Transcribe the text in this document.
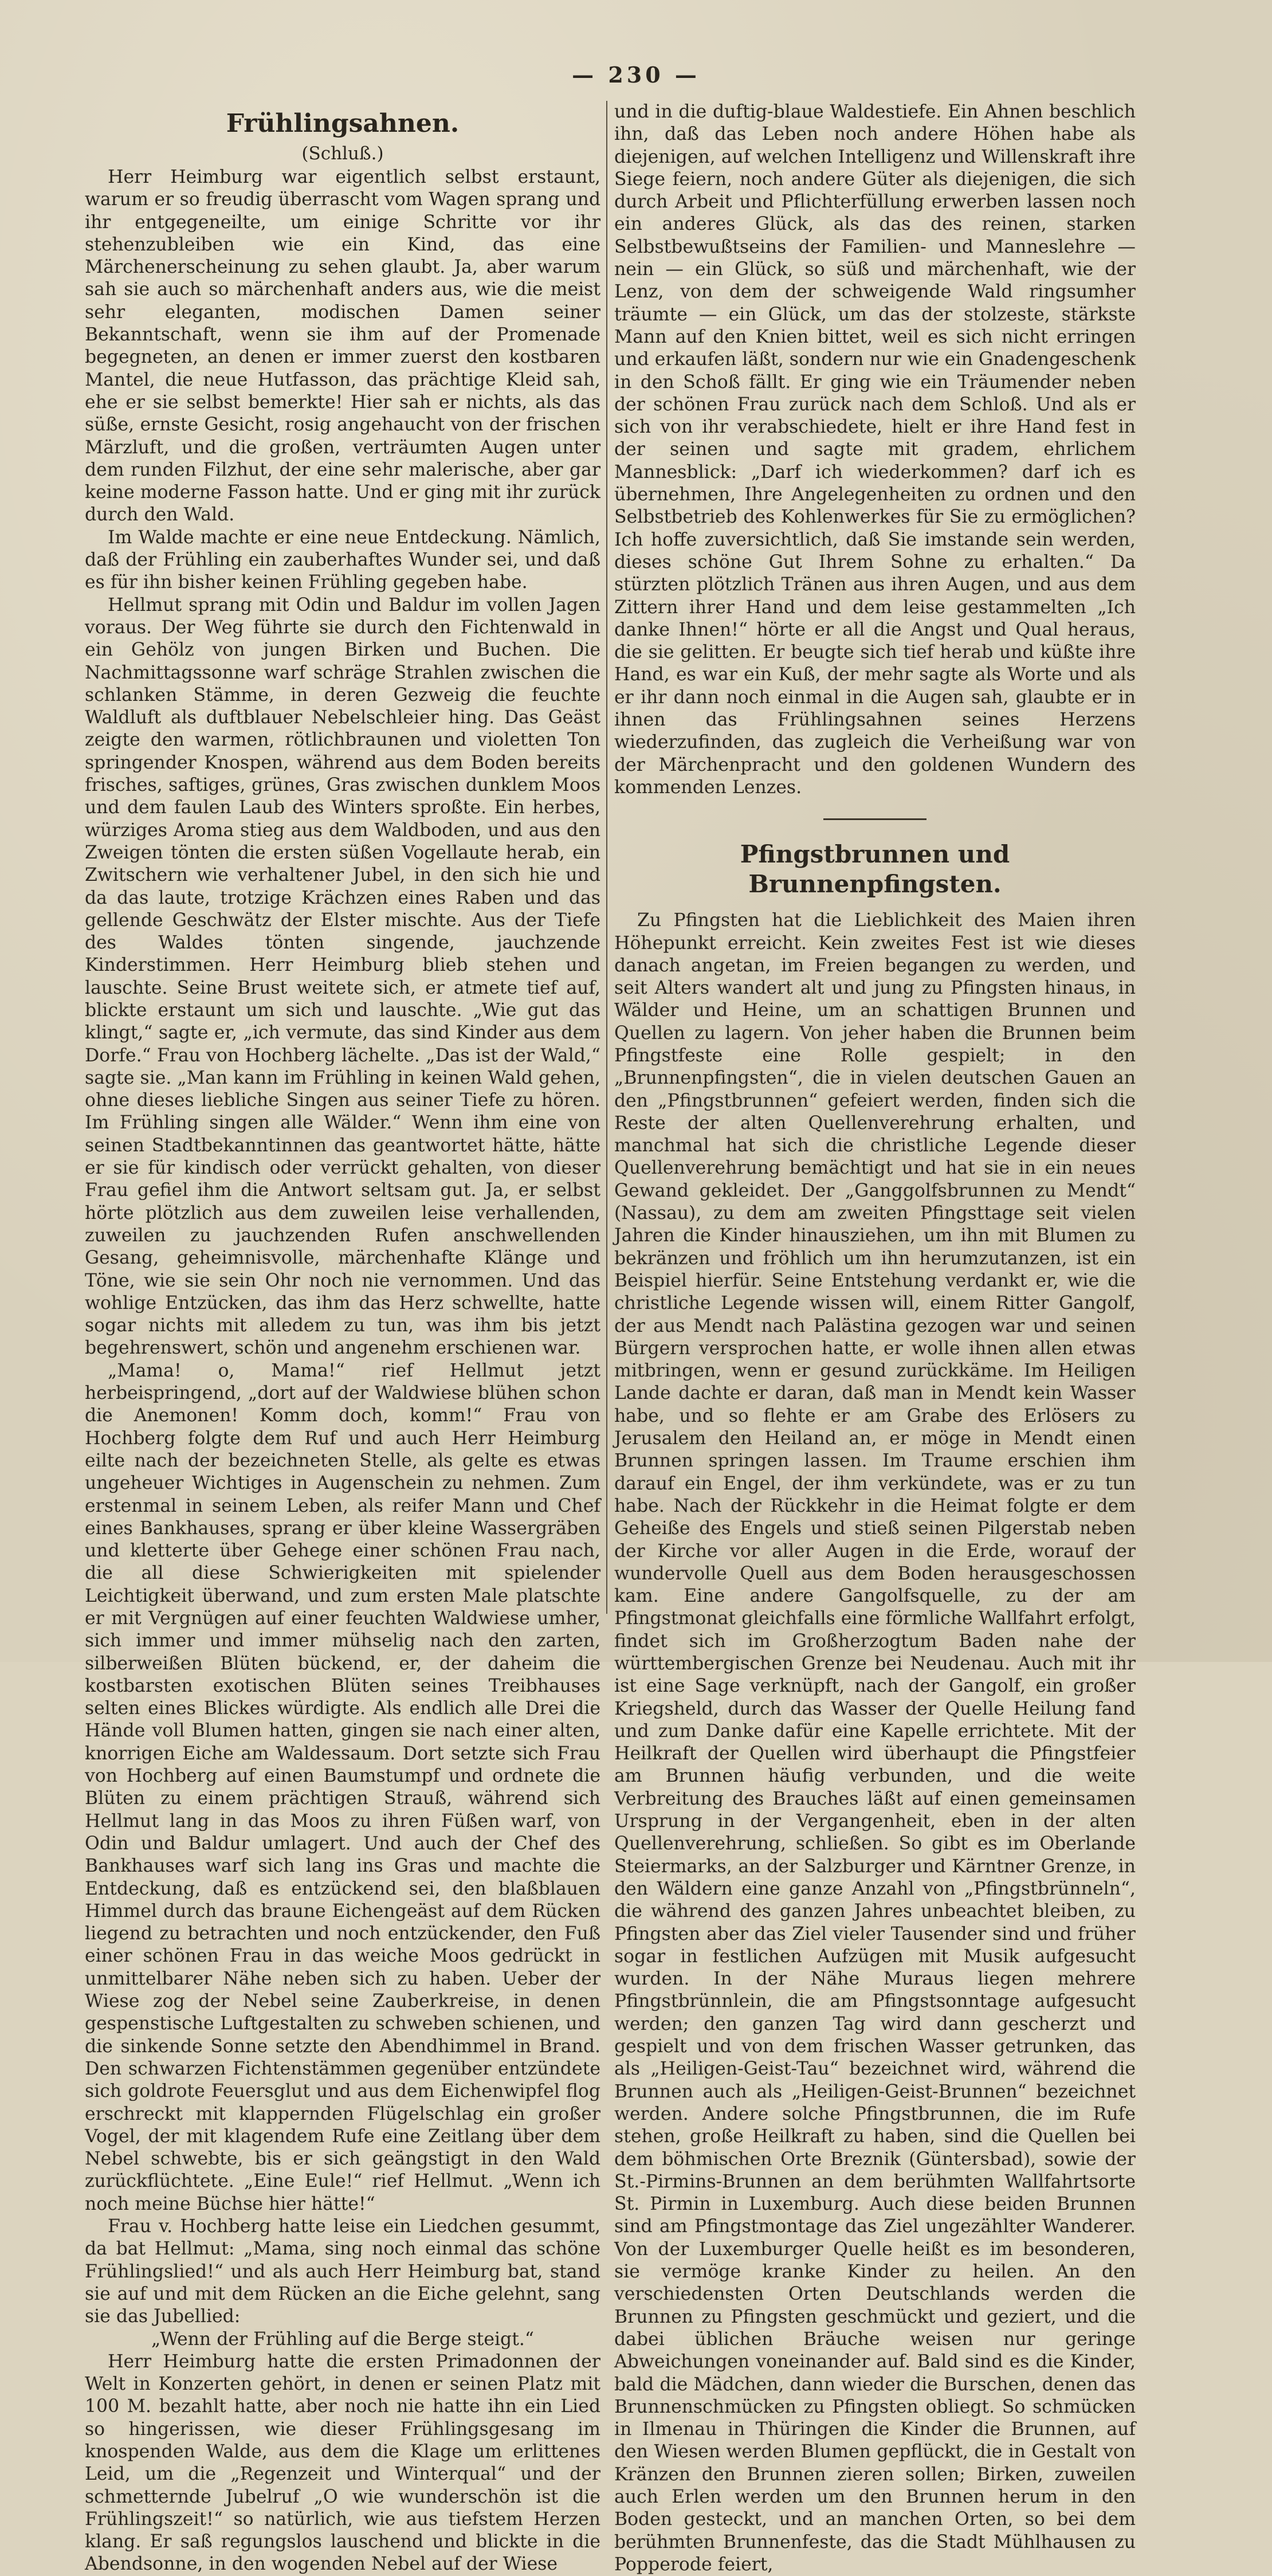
— 230 —
Frühlingsahnen.
(Schluß.)

Herr Heimburg war eigentlich selbst erstaunt, warum er so freudig überrascht vom Wagen sprang und ihr entgegeneilte, um einige Schritte vor ihr stehenzubleiben wie ein Kind, das eine Märchenerscheinung zu sehen glaubt. Ja, aber warum sah sie auch so märchenhaft anders aus, wie die meist sehr eleganten, modischen Damen seiner Bekanntschaft, wenn sie ihm auf der Promenade begegneten, an denen er immer zuerst den kostbaren Mantel, die neue Hutfasson, das prächtige Kleid sah, ehe er sie selbst bemerkte! Hier sah er nichts, als das süße, ernste Gesicht, rosig angehaucht von der frischen Märzluft, und die großen, verträumten Augen unter dem runden Filzhut, der eine sehr malerische, aber gar keine moderne Fasson hatte. Und er ging mit ihr zurück durch den Wald.

Im Walde machte er eine neue Entdeckung. Nämlich, daß der Frühling ein zauberhaftes Wunder sei, und daß es für ihn bisher keinen Frühling gegeben habe.

Hellmut sprang mit Odin und Baldur im vollen Jagen voraus. Der Weg führte sie durch den Fichtenwald in ein Gehölz von jungen Birken und Buchen. Die Nachmittagssonne warf schräge Strahlen zwischen die schlanken Stämme, in deren Gezweig die feuchte Waldluft als duftblauer Nebelschleier hing. Das Geäst zeigte den warmen, rötlichbraunen und violetten Ton springender Knospen, während aus dem Boden bereits frisches, saftiges, grünes, Gras zwischen dunklem Moos und dem faulen Laub des Winters sproßte. Ein herbes, würziges Aroma stieg aus dem Waldboden, und aus den Zweigen tönten die ersten süßen Vogellaute herab, ein Zwitschern wie verhaltener Jubel, in den sich hie und da das laute, trotzige Krächzen eines Raben und das gellende Geschwätz der Elster mischte. Aus der Tiefe des Waldes tönten singende, jauchzende Kinderstimmen. Herr Heimburg blieb stehen und lauschte. Seine Brust weitete sich, er atmete tief auf, blickte erstaunt um sich und lauschte. „Wie gut das klingt,“ sagte er, „ich vermute, das sind Kinder aus dem Dorfe.“ Frau von Hochberg lächelte. „Das ist der Wald,“ sagte sie. „Man kann im Frühling in keinen Wald gehen, ohne dieses liebliche Singen aus seiner Tiefe zu hören. Im Frühling singen alle Wälder.“ Wenn ihm eine von seinen Stadtbekanntinnen das geantwortet hätte, hätte er sie für kindisch oder verrückt gehalten, von dieser Frau gefiel ihm die Antwort seltsam gut. Ja, er selbst hörte plötzlich aus dem zuweilen leise verhallenden, zuweilen zu jauchzenden Rufen anschwellenden Gesang, geheimnisvolle, märchenhafte Klänge und Töne, wie sie sein Ohr noch nie vernommen. Und das wohlige Entzücken, das ihm das Herz schwellte, hatte sogar nichts mit alledem zu tun, was ihm bis jetzt begehrenswert, schön und angenehm erschienen war.

„Mama! o, Mama!“ rief Hellmut jetzt herbeispringend, „dort auf der Waldwiese blühen schon die Anemonen! Komm doch, komm!“ Frau von Hochberg folgte dem Ruf und auch Herr Heimburg eilte nach der bezeichneten Stelle, als gelte es etwas ungeheuer Wichtiges in Augenschein zu nehmen. Zum erstenmal in seinem Leben, als reifer Mann und Chef eines Bankhauses, sprang er über kleine Wassergräben und kletterte über Gehege einer schönen Frau nach, die all diese Schwierigkeiten mit spielender Leichtigkeit überwand, und zum ersten Male platschte er mit Vergnügen auf einer feuchten Waldwiese umher, sich immer und immer mühselig nach den zarten, silberweißen Blüten bückend, er, der daheim die kostbarsten exotischen Blüten seines Treibhauses selten eines Blickes würdigte. Als endlich alle Drei die Hände voll Blumen hatten, gingen sie nach einer alten, knorrigen Eiche am Waldessaum. Dort setzte sich Frau von Hochberg auf einen Baumstumpf und ordnete die Blüten zu einem prächtigen Strauß, während sich Hellmut lang in das Moos zu ihren Füßen warf, von Odin und Baldur umlagert. Und auch der Chef des Bankhauses warf sich lang ins Gras und machte die Entdeckung, daß es entzückend sei, den blaßblauen Himmel durch das braune Eichengeäst auf dem Rücken liegend zu betrachten und noch entzückender, den Fuß einer schönen Frau in das weiche Moos gedrückt in unmittelbarer Nähe neben sich zu haben. Ueber der Wiese zog der Nebel seine Zauberkreise, in denen gespenstische Luftgestalten zu schweben schienen, und die sinkende Sonne setzte den Abendhimmel in Brand. Den schwarzen Fichtenstämmen gegenüber entzündete sich goldrote Feuersglut und aus dem Eichenwipfel flog erschreckt mit klappernden Flügelschlag ein großer Vogel, der mit klagendem Rufe eine Zeitlang über dem Nebel schwebte, bis er sich geängstigt in den Wald zurückflüchtete. „Eine Eule!“ rief Hellmut. „Wenn ich noch meine Büchse hier hätte!“

Frau v. Hochberg hatte leise ein Liedchen gesummt, da bat Hellmut: „Mama, sing noch einmal das schöne Frühlingslied!“ und als auch Herr Heimburg bat, stand sie auf und mit dem Rücken an die Eiche gelehnt, sang sie das Jubellied:

„Wenn der Frühling auf die Berge steigt.“

Herr Heimburg hatte die ersten Primadonnen der Welt in Konzerten gehört, in denen er seinen Platz mit 100 M. bezahlt hatte, aber noch nie hatte ihn ein Lied so hingerissen, wie dieser Frühlingsgesang im knospenden Walde, aus dem die Klage um erlittenes Leid, um die „Regenzeit und Winterqual“ und der schmetternde Jubelruf „O wie wunderschön ist die Frühlingszeit!“ so natürlich, wie aus tiefstem Herzen klang. Er saß regungslos lauschend und blickte in die Abendsonne, in den wogenden Nebel auf der Wiese

und in die duftig-blaue Waldestiefe. Ein Ahnen beschlich ihn, daß das Leben noch andere Höhen habe als diejenigen, auf welchen Intelligenz und Willenskraft ihre Siege feiern, noch andere Güter als diejenigen, die sich durch Arbeit und Pflichterfüllung erwerben lassen noch ein anderes Glück, als das des reinen, starken Selbstbewußtseins der Familien- und Manneslehre — nein — ein Glück, so süß und märchenhaft, wie der Lenz, von dem der schweigende Wald ringsumher träumte — ein Glück, um das der stolzeste, stärkste Mann auf den Knien bittet, weil es sich nicht erringen und erkaufen läßt, sondern nur wie ein Gnadengeschenk in den Schoß fällt. Er ging wie ein Träumender neben der schönen Frau zurück nach dem Schloß. Und als er sich von ihr verabschiedete, hielt er ihre Hand fest in der seinen und sagte mit gradem, ehrlichem Mannesblick: „Darf ich wiederkommen? darf ich es übernehmen, Ihre Angelegenheiten zu ordnen und den Selbstbetrieb des Kohlenwerkes für Sie zu ermöglichen? Ich hoffe zuversichtlich, daß Sie imstande sein werden, dieses schöne Gut Ihrem Sohne zu erhalten.“ Da stürzten plötzlich Tränen aus ihren Augen, und aus dem Zittern ihrer Hand und dem leise gestammelten „Ich danke Ihnen!“ hörte er all die Angst und Qual heraus, die sie gelitten. Er beugte sich tief herab und küßte ihre Hand, es war ein Kuß, der mehr sagte als Worte und als er ihr dann noch einmal in die Augen sah, glaubte er in ihnen das Frühlingsahnen seines Herzens wiederzufinden, das zugleich die Verheißung war von der Märchenpracht und den goldenen Wundern des kommenden Lenzes.

Pfingstbrunnen und Brunnenpfingsten.

Zu Pfingsten hat die Lieblichkeit des Maien ihren Höhepunkt erreicht. Kein zweites Fest ist wie dieses danach angetan, im Freien begangen zu werden, und seit Alters wandert alt und jung zu Pfingsten hinaus, in Wälder und Heine, um an schattigen Brunnen und Quellen zu lagern. Von jeher haben die Brunnen beim Pfingstfeste eine Rolle gespielt; in den „Brunnenpfingsten“, die in vielen deutschen Gauen an den „Pfingstbrunnen“ gefeiert werden, finden sich die Reste der alten Quellenverehrung erhalten, und manchmal hat sich die christliche Legende dieser Quellenverehrung bemächtigt und hat sie in ein neues Gewand gekleidet. Der „Ganggolfsbrunnen zu Mendt“ (Nassau), zu dem am zweiten Pfingsttage seit vielen Jahren die Kinder hinausziehen, um ihn mit Blumen zu bekränzen und fröhlich um ihn herumzutanzen, ist ein Beispiel hierfür. Seine Entstehung verdankt er, wie die christliche Legende wissen will, einem Ritter Gangolf, der aus Mendt nach Palästina gezogen war und seinen Bürgern versprochen hatte, er wolle ihnen allen etwas mitbringen, wenn er gesund zurückkäme. Im Heiligen Lande dachte er daran, daß man in Mendt kein Wasser habe, und so flehte er am Grabe des Erlösers zu Jerusalem den Heiland an, er möge in Mendt einen Brunnen springen lassen. Im Traume erschien ihm darauf ein Engel, der ihm verkündete, was er zu tun habe. Nach der Rückkehr in die Heimat folgte er dem Geheiße des Engels und stieß seinen Pilgerstab neben der Kirche vor aller Augen in die Erde, worauf der wundervolle Quell aus dem Boden herausgeschossen kam. Eine andere Gangolfsquelle, zu der am Pfingstmonat gleichfalls eine förmliche Wallfahrt erfolgt, findet sich im Großherzogtum Baden nahe der württembergischen Grenze bei Neudenau. Auch mit ihr ist eine Sage verknüpft, nach der Gangolf, ein großer Kriegsheld, durch das Wasser der Quelle Heilung fand und zum Danke dafür eine Kapelle errichtete. Mit der Heilkraft der Quellen wird überhaupt die Pfingstfeier am Brunnen häufig verbunden, und die weite Verbreitung des Brauches läßt auf einen gemeinsamen Ursprung in der Vergangenheit, eben in der alten Quellenverehrung, schließen. So gibt es im Oberlande Steiermarks, an der Salzburger und Kärntner Grenze, in den Wäldern eine ganze Anzahl von „Pfingstbrünneln“, die während des ganzen Jahres unbeachtet bleiben, zu Pfingsten aber das Ziel vieler Tausender sind und früher sogar in festlichen Aufzügen mit Musik aufgesucht wurden. In der Nähe Muraus liegen mehrere Pfingstbrünnlein, die am Pfingstsonntage aufgesucht werden; den ganzen Tag wird dann gescherzt und gespielt und von dem frischen Wasser getrunken, das als „Heiligen-Geist-Tau“ bezeichnet wird, während die Brunnen auch als „Heiligen-Geist-Brunnen“ bezeichnet werden. Andere solche Pfingstbrunnen, die im Rufe stehen, große Heilkraft zu haben, sind die Quellen bei dem böhmischen Orte Breznik (Güntersbad), sowie der St.-Pirmins-Brunnen an dem berühmten Wallfahrtsorte St. Pirmin in Luxemburg. Auch diese beiden Brunnen sind am Pfingstmontage das Ziel ungezählter Wanderer. Von der Luxemburger Quelle heißt es im besonderen, sie vermöge kranke Kinder zu heilen. An den verschiedensten Orten Deutschlands werden die Brunnen zu Pfingsten geschmückt und geziert, und die dabei üblichen Bräuche weisen nur geringe Abweichungen voneinander auf. Bald sind es die Kinder, bald die Mädchen, dann wieder die Burschen, denen das Brunnenschmücken zu Pfingsten obliegt. So schmücken in Ilmenau in Thüringen die Kinder die Brunnen, auf den Wiesen werden Blumen gepflückt, die in Gestalt von Kränzen den Brunnen zieren sollen; Birken, zuweilen auch Erlen werden um den Brunnen herum in den Boden gesteckt, und an manchen Orten, so bei dem berühmten Brunnenfeste, das die Stadt Mühlhausen zu Popperode feiert,
